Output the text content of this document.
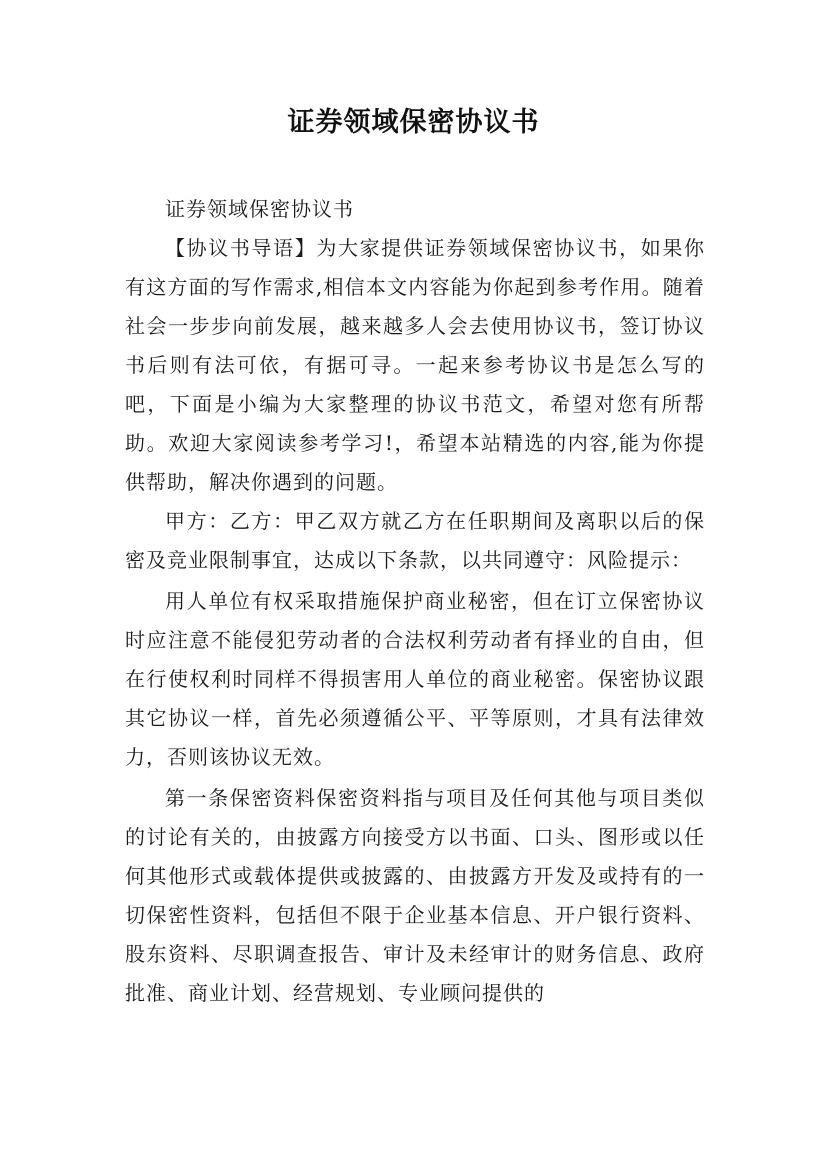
证券领域保密协议书

证券领域保密协议书

【协议书导语】为大家提供证券领域保密协议书，如果你有这方面的写作需求,相信本文内容能为你起到参考作用。随着社会一步步向前发展，越来越多人会去使用协议书，签订协议书后则有法可依，有据可寻。一起来参考协议书是怎么写的吧，下面是小编为大家整理的协议书范文，希望对您有所帮助。欢迎大家阅读参考学习!，希望本站精选的内容,能为你提供帮助，解决你遇到的问题。

甲方：乙方：甲乙双方就乙方在任职期间及离职以后的保密及竞业限制事宜，达成以下条款，以共同遵守：风险提示：

用人单位有权采取措施保护商业秘密，但在订立保密协议时应注意不能侵犯劳动者的合法权利劳动者有择业的自由，但在行使权利时同样不得损害用人单位的商业秘密。保密协议跟其它协议一样，首先必须遵循公平、平等原则，才具有法律效力，否则该协议无效。

第一条保密资料保密资料指与项目及任何其他与项目类似的讨论有关的，由披露方向接受方以书面、口头、图形或以任何其他形式或载体提供或披露的、由披露方开发及或持有的一切保密性资料，包括但不限于企业基本信息、开户银行资料、股东资料、尽职调查报告、审计及未经审计的财务信息、政府批准、商业计划、经营规划、专业顾问提供的
